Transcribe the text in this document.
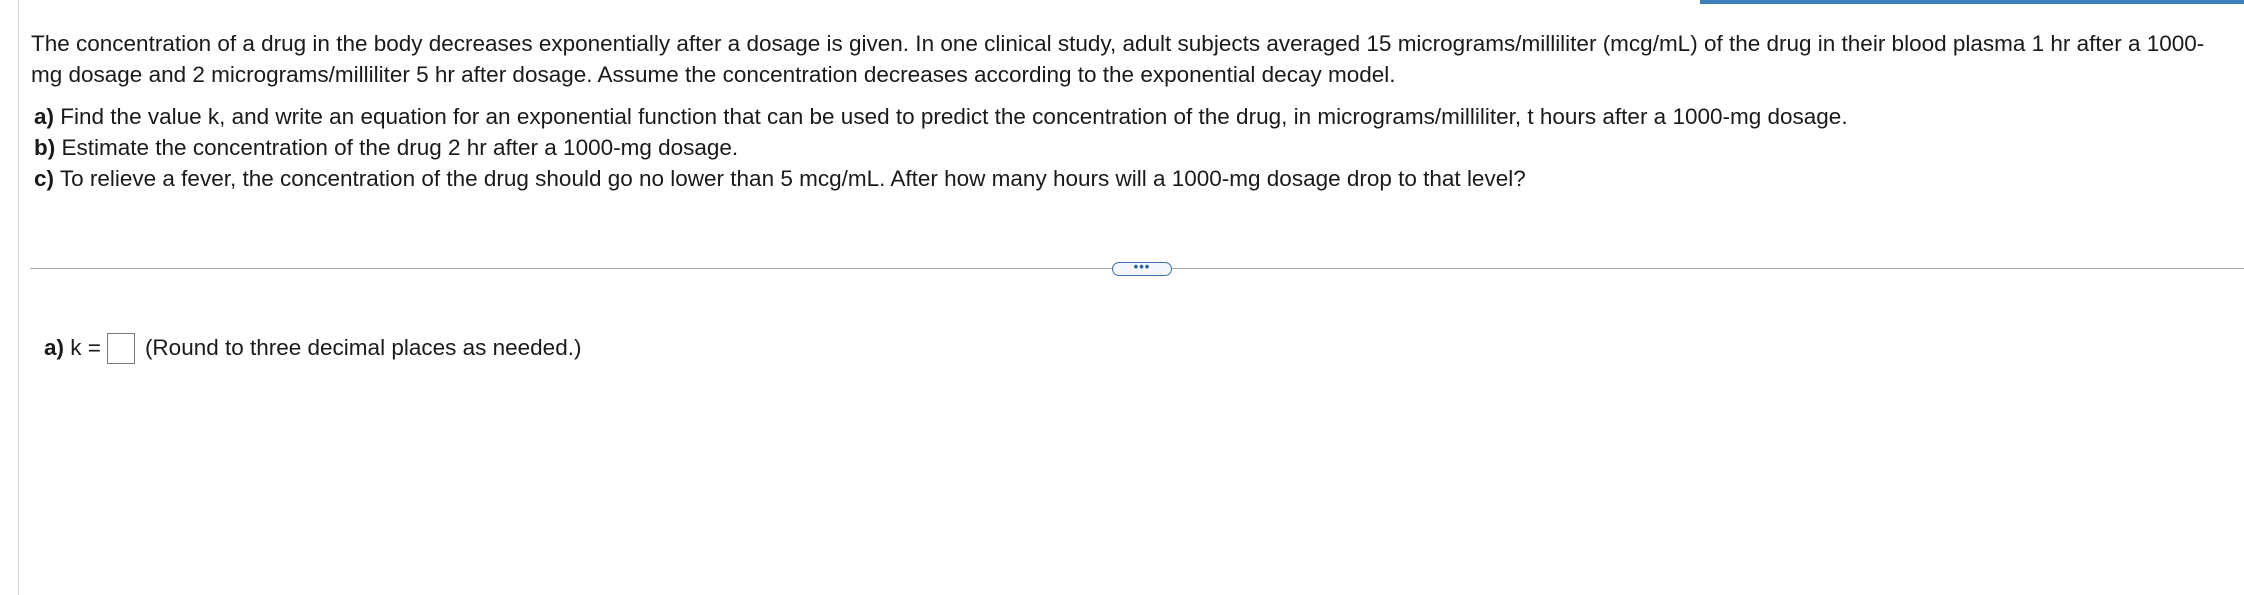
The concentration of a drug in the body decreases exponentially after a dosage is given. In one clinical study, adult subjects averaged 15 micrograms/milliliter (mcg/mL) of the drug in their blood plasma 1 hr after a 1000-mg dosage and 2 micrograms/milliliter 5 hr after dosage. Assume the concentration decreases according to the exponential decay model.

a) Find the value k, and write an equation for an exponential function that can be used to predict the concentration of the drug, in micrograms/milliliter, t hours after a 1000-mg dosage.
b) Estimate the concentration of the drug 2 hr after a 1000-mg dosage.
c) To relieve a fever, the concentration of the drug should go no lower than 5 mcg/mL. After how many hours will a 1000-mg dosage drop to that level?
•••
a) k = (Round to three decimal places as needed.)
